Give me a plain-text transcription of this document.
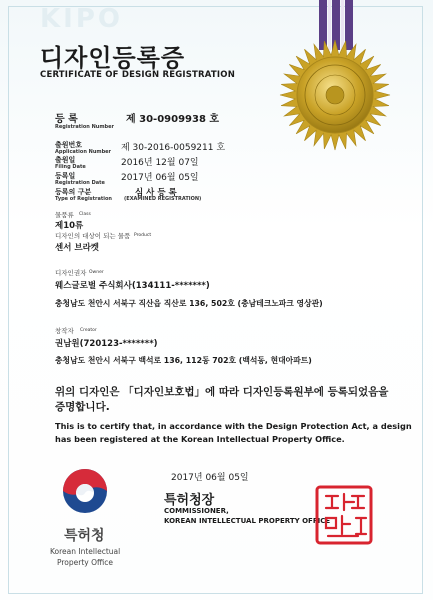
KIPO
디자인등록증
CERTIFICATE OF DESIGN REGISTRATION
등 록
Registration Number
제 30-0909938 호
출원번호
Application Number 제 30-2016-0059211 호
출원일
Filing Date	2016년 12월 07일
등록일
Registration Date 2017년 06월 05일
등록의 구분
Type of Registration
심 사 등 록
(EXAMINED REGISTRATION)
물품류 Class
제10류
디자인의 대상이 되는 물품 Product
센서 브라켓
디자인권자 Owner
웨스글로벌 주식회사(134111-*******)
충청남도 천안시 서북구 직산읍 직산로 136, 502호 (충남테크노파크 영상관)
창작자 Creator
권남원(720123-*******)
충청남도 천안시 서북구 백석로 136, 112동 702호 (백석동, 현대아파트)
위의 디자인은 「디자인보호법」에 따라 디자인등록원부에 등록되었음을
증명합니다.
This is to certify that, in accordance with the Design Protection Act, a design
has been registered at the Korean Intellectual Property Office.
2017년 06월 05일
특허청장
COMMISSIONER,
KOREAN INTELLECTUAL PROPERTY OFFICE
특허청
Korean Intellectual
Property Office
